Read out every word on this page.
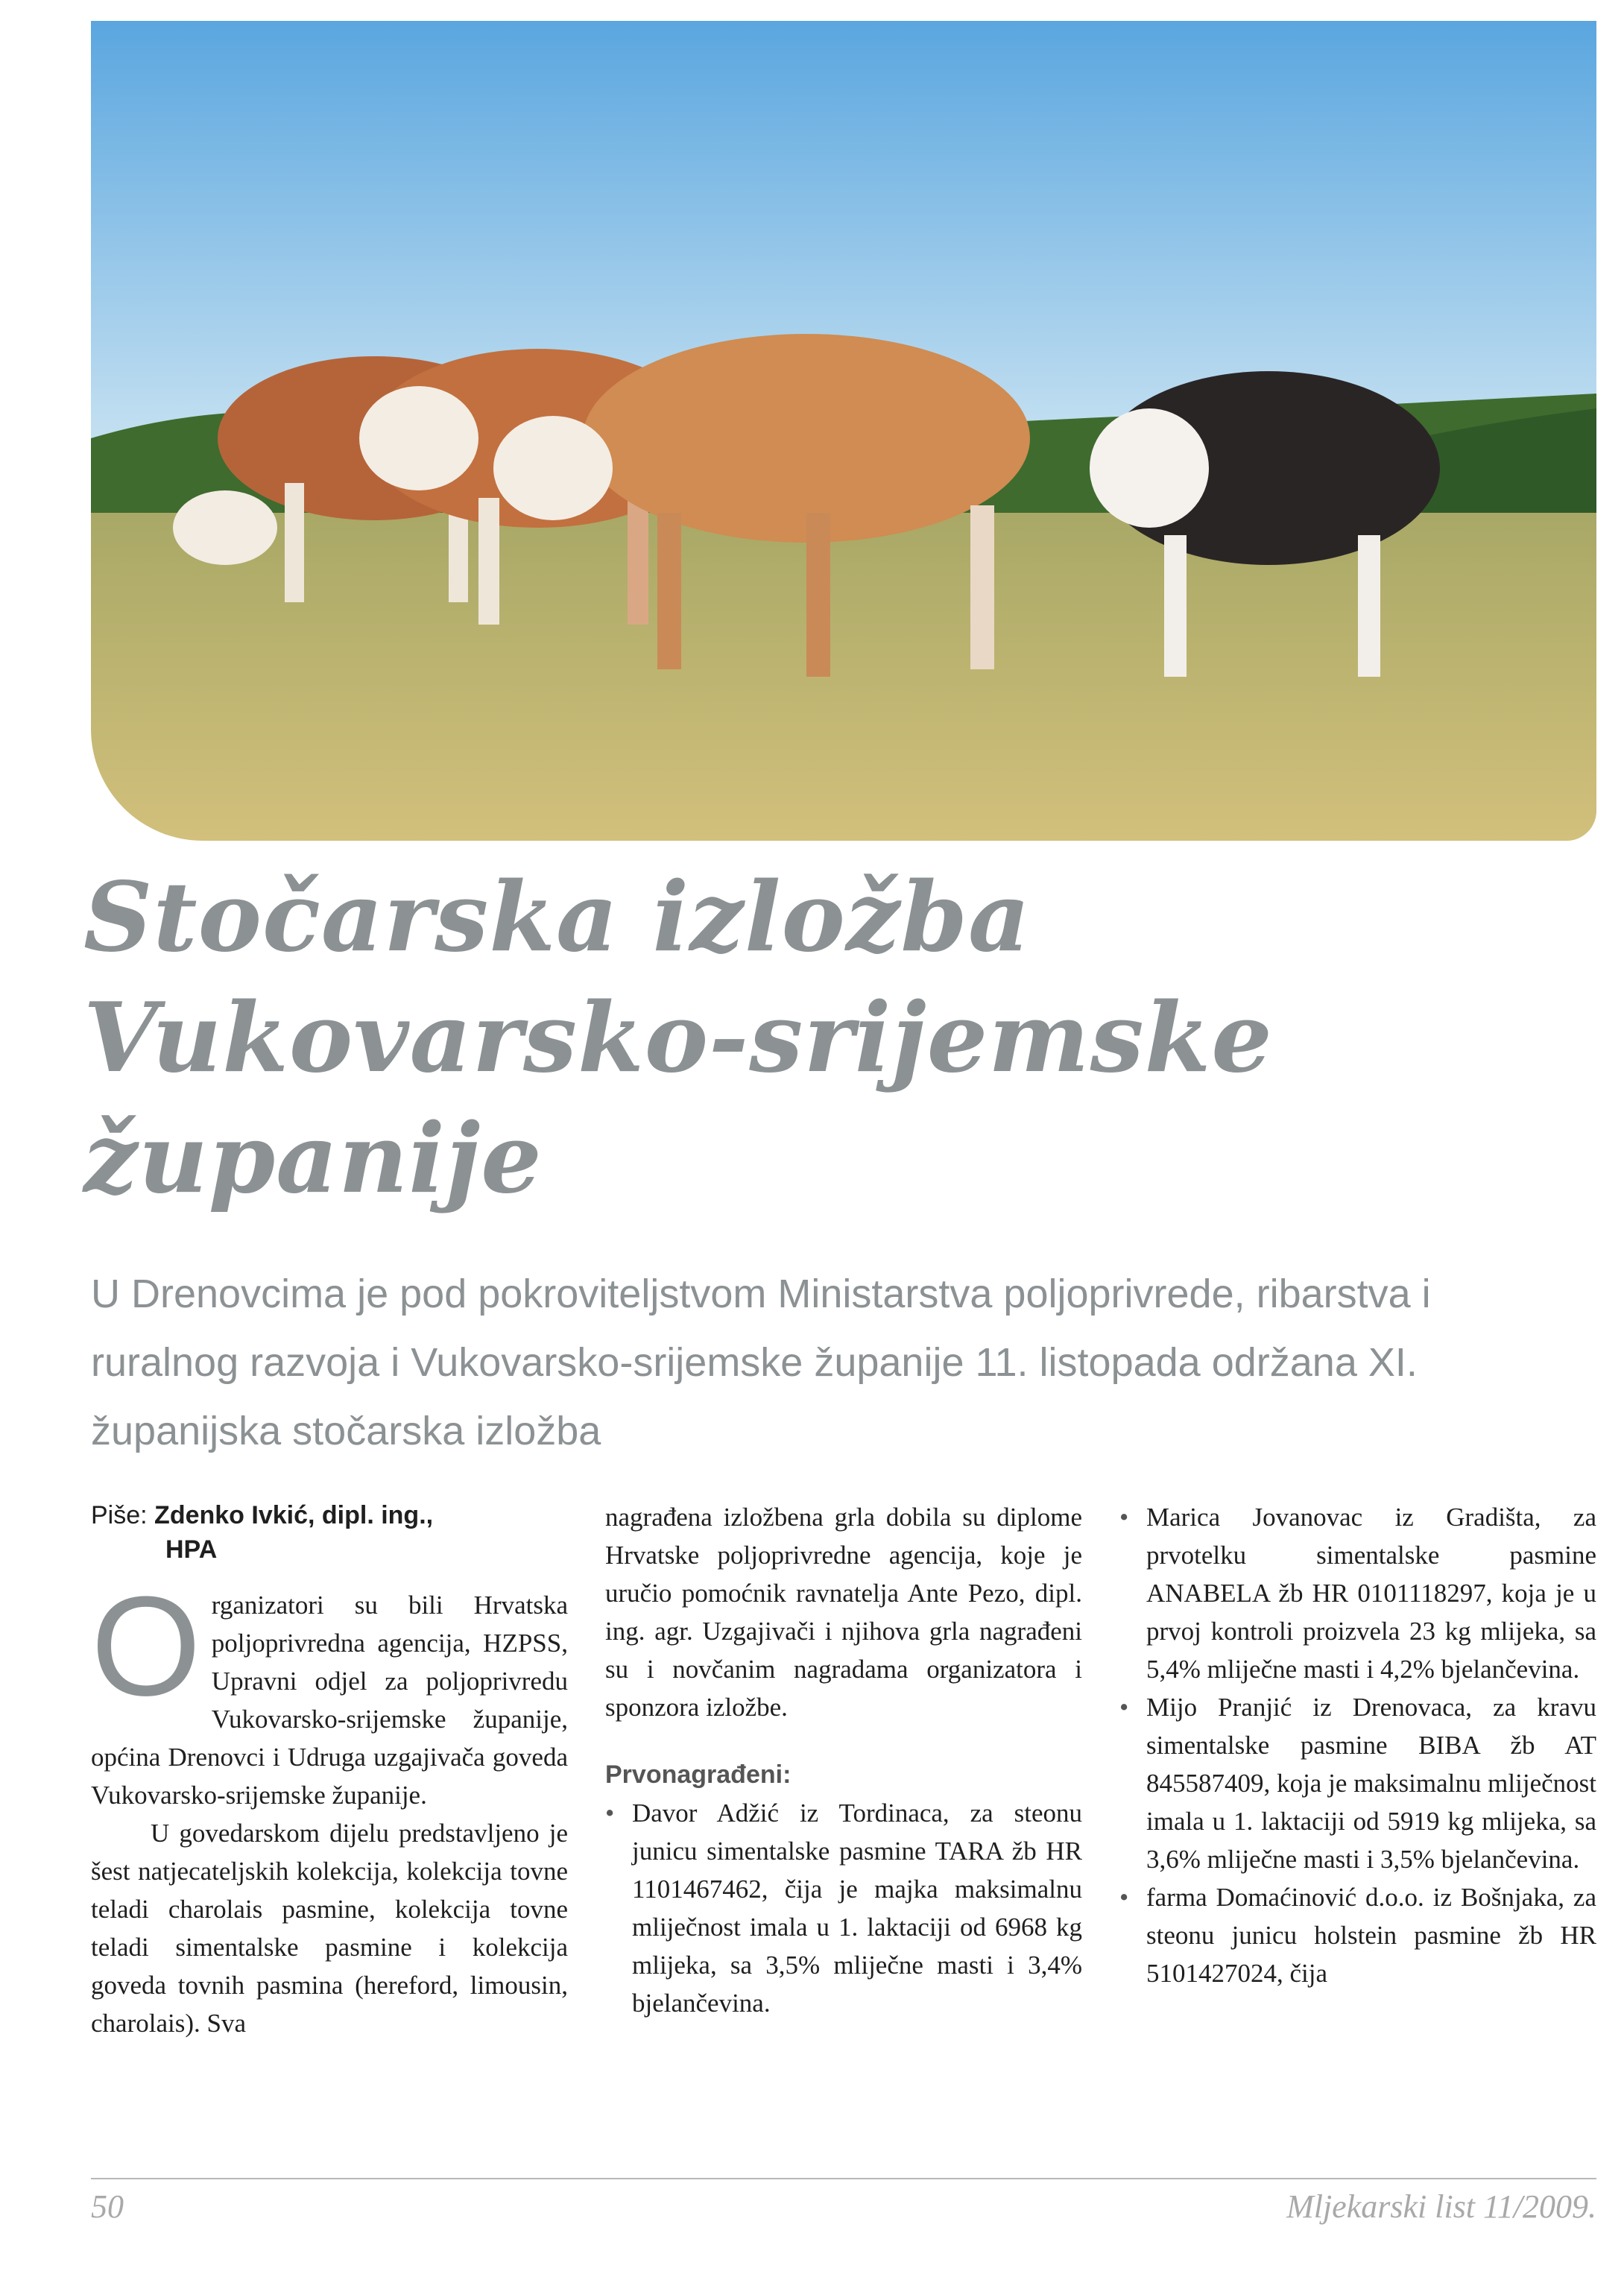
Stočarska izložba
Vukovarsko-srijemske
županije
U Drenovcima je pod pokroviteljstvom Ministarstva poljoprivrede, ribarstva i ruralnog razvoja i Vukovarsko-srijemske županije 11. listopada održana XI. županijska stočarska izložba
Piše: Zdenko Ivkić, dipl. ing.,
HPA

Organizatori su bili Hrvatska poljoprivredna agencija, HZPSS, Upravni odjel za poljoprivredu Vukovarsko-srijemske županije, općina Drenovci i Udruga uzgajivača goveda Vukovarsko-srijemske županije.

U govedarskom dijelu predstavljeno je šest natjecateljskih kolekcija, kolekcija tovne teladi charolais pasmine, kolekcija tovne teladi simentalske pasmine i kolekcija goveda tovnih pasmina (hereford, limousin, charolais). Sva

nagrađena izložbena grla dobila su diplome Hrvatske poljoprivredne agencija, koje je uručio pomoćnik ravnatelja Ante Pezo, dipl. ing. agr. Uzgajivači i njihova grla nagrađeni su i novčanim nagradama organizatora i sponzora izložbe.

Prvonagrađeni:

• Davor Adžić iz Tordinaca, za steonu junicu simentalske pasmine TARA žb HR 1101467462, čija je majka maksimalnu mliječnost imala u 1. laktaciji od 6968 kg mlijeka, sa 3,5% mliječne masti i 3,4% bjelančevina.
• Marica Jovanovac iz Gradišta, za prvotelku simentalske pasmine ANABELA žb HR 0101118297, koja je u prvoj kontroli proizvela 23 kg mlijeka, sa 5,4% mliječne masti i 4,2% bjelančevina.
• Mijo Pranjić iz Drenovaca, za kravu simentalske pasmine BIBA žb AT 845587409, koja je maksimalnu mliječnost imala u 1. laktaciji od 5919 kg mlijeka, sa 3,6% mliječne masti i 3,5% bjelančevina.
• farma Domaćinović d.o.o. iz Bošnjaka, za steonu junicu holstein pasmine žb HR 5101427024, čija
50	Mljekarski list 11/2009.
